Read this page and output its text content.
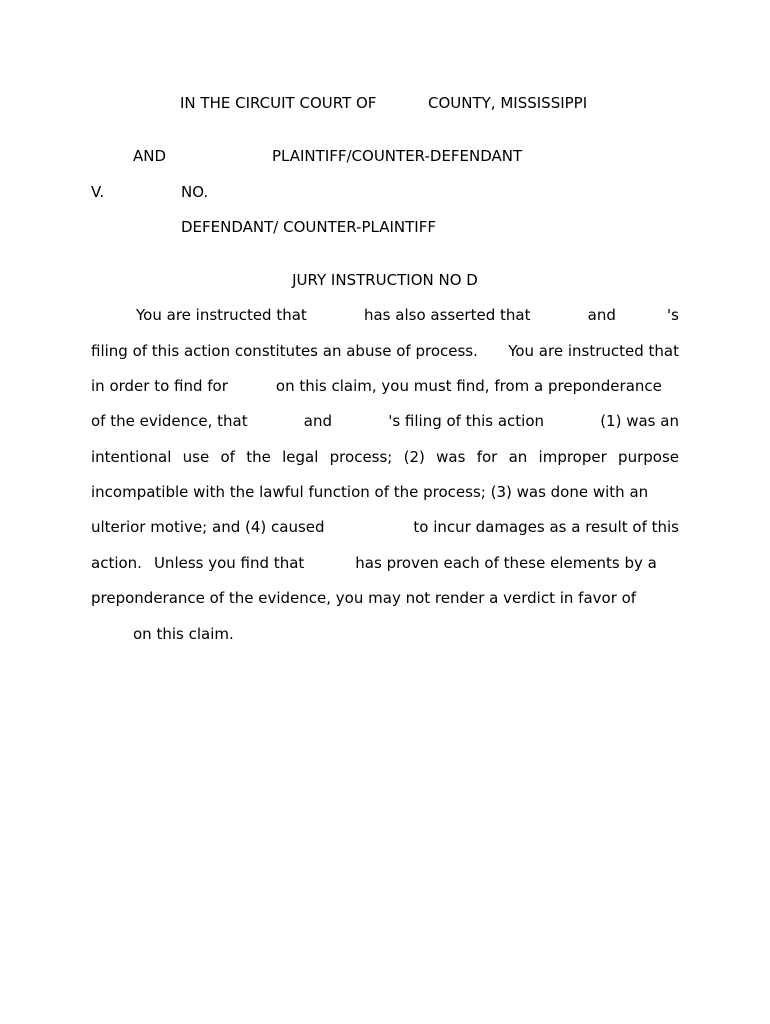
IN THE CIRCUIT COURT OF	COUNTY, MISSISSIPPI
AND	PLAINTIFF/COUNTER-DEFENDANT
V.	NO.
DEFENDANT/ COUNTER-PLAINTIFF
JURY INSTRUCTION NO D
You are instructed that	has also asserted that	and	's
filing of this action constitutes an abuse of process. You are instructed that
in order to find for	on this claim, you must find, from a preponderance
of the evidence, that	and	's filing of this action	(1) was an
intentional use of the legal process; (2) was for an improper purpose
incompatible with the lawful function of the process; (3) was done with an
ulterior motive; and (4) caused	to incur damages as a result of this
action. Unless you find that	has proven each of these elements by a
preponderance of the evidence, you may not render a verdict in favor of
on this claim.
